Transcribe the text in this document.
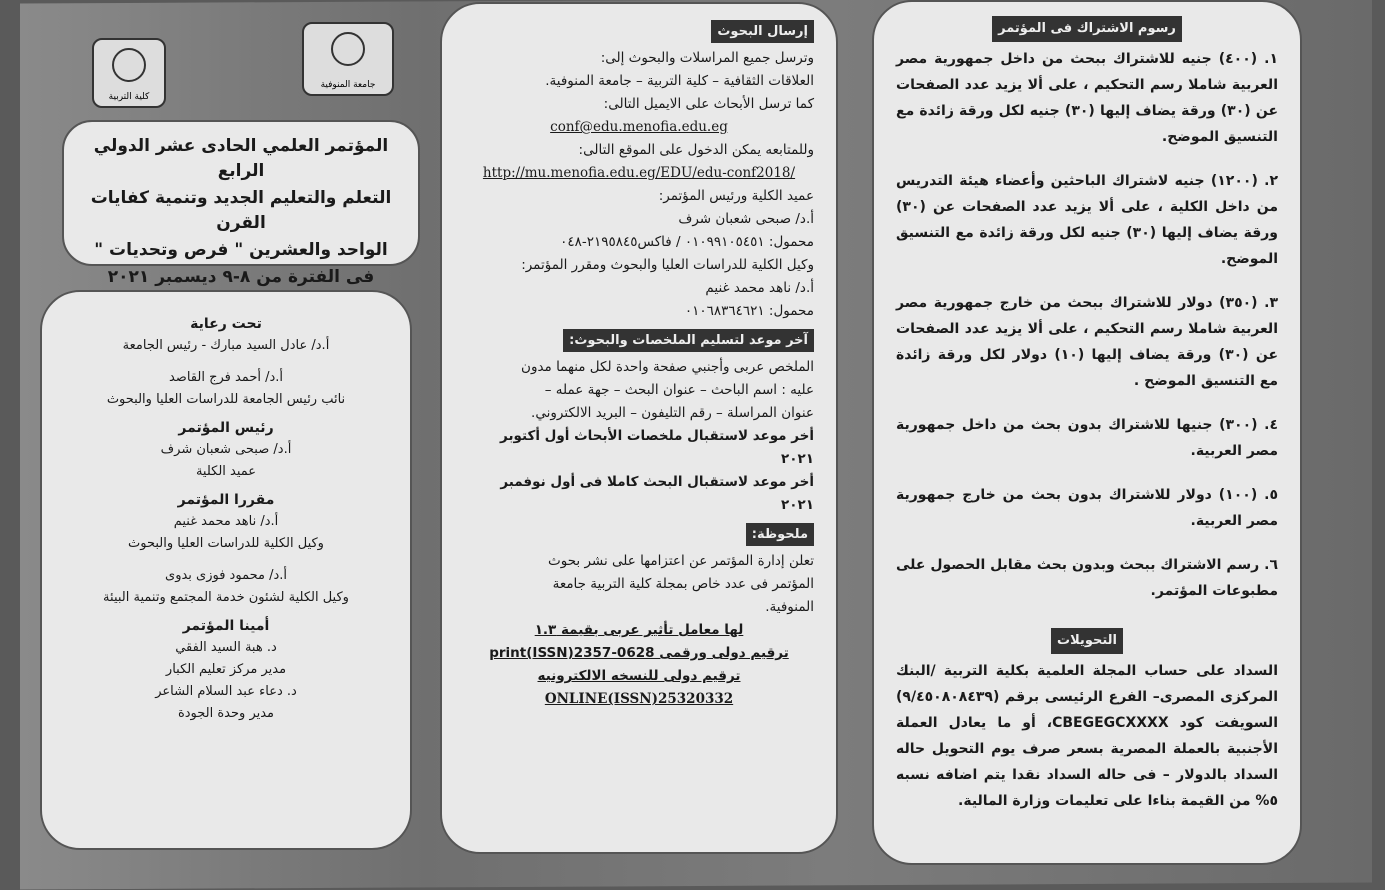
كلية التربية
جامعة المنوفية

المؤتمر العلمي الحادى عشر الدولي الرابع

التعلم والتعليم الجديد وتنمية كفايات القرن

الواحد والعشرين " فرص وتحديات "

فى الفترة من ٨-٩ ديسمبر ٢٠٢١

تحت رعاية
أ.د/ عادل السيد مبارك - رئيس الجامعة
أ.د/ أحمد فرج القاصد
نائب رئيس الجامعة للدراسات العليا والبحوث
رئيس المؤتمر
أ.د/ صبحى شعبان شرف
عميد الكلية
مقررا المؤتمر
أ.د/ ناهد محمد غنيم
وكيل الكلية للدراسات العليا والبحوث
أ.د/ محمود فوزى بدوى
وكيل الكلية لشئون خدمة المجتمع وتنمية البيئة
أمينا المؤتمر
د. هبة السيد الفقي
مدير مركز تعليم الكبار
د. دعاء عبد السلام الشاعر
مدير وحدة الجودة

إرسال البحوث

وترسل جميع المراسلات والبحوث إلى:

العلاقات الثقافية – كلية التربية – جامعة المنوفية.

كما ترسل الأبحاث على الايميل التالى:

conf@edu.menofia.edu.eg

وللمتابعه يمكن الدخول على الموقع التالى:

http://mu.menofia.edu.eg/EDU/edu-conf2018/

عميد الكلية ورئيس المؤتمر:

أ.د/ صبحى شعبان شرف

محمول: ٠١٠٩٩١٠٥٤٥١ / فاكس٢١٩٥٨٤٥-٠٤٨

وكيل الكلية للدراسات العليا والبحوث ومقرر المؤتمر:

أ.د/ ناهد محمد غنيم

محمول: ٠١٠٦٨٣٦٤٦٢١

آخر موعد لتسليم الملخصات والبحوث:

الملخص عربى وأجنبي صفحة واحدة لكل منهما مدون

عليه : اسم الباحث – عنوان البحث – جهة عمله –

عنوان المراسلة – رقم التليفون – البريد الالكتروني.

أخر موعد لاستقبال ملخصات الأبحاث أول أكتوبر ٢٠٢١

أخر موعد لاستقبال البحث كاملا فى أول نوفمبر ٢٠٢١

ملحوظة:

تعلن إدارة المؤتمر عن اعتزامها على نشر بحوث

المؤتمر فى عدد خاص بمجلة كلية التربية جامعة

المنوفية.

لها معامل تأثير عربى بقيمة ١.٣

ترقيم دولى ورقمى print(ISSN)2357-0628

ترقيم دولى للنسخه الالكترونيه

ONLINE(ISSN)25320332

رسوم الاشتراك فى المؤتمر

١. (٤٠٠) جنيه للاشتراك ببحث من داخل جمهورية مصر العربية شاملا رسم التحكيم ، على ألا يزيد عدد الصفحات عن (٣٠) ورقة يضاف إليها (٣٠) جنيه لكل ورقة زائدة مع التنسيق الموضح.

٢. (١٢٠٠) جنيه لاشتراك الباحثين وأعضاء هيئة التدريس من داخل الكلية ، على ألا يزيد عدد الصفحات عن (٣٠) ورقة يضاف إليها (٣٠) جنيه لكل ورقة زائدة مع التنسيق الموضح.

٣. (٣٥٠) دولار للاشتراك ببحث من خارج جمهورية مصر العربية شاملا رسم التحكيم ، على ألا يزيد عدد الصفحات عن (٣٠) ورقة يضاف إليها (١٠) دولار لكل ورقة زائدة مع التنسيق الموضح .

٤. (٣٠٠) جنيها للاشتراك بدون بحث من داخل جمهورية مصر العربية.

٥. (١٠٠) دولار للاشتراك بدون بحث من خارج جمهورية مصر العربية.

٦. رسم الاشتراك ببحث وبدون بحث مقابل الحصول على مطبوعات المؤتمر.

التحويلات

السداد على حساب المجلة العلمية بكلية التربية /البنك المركزى المصرى– الفرع الرئيسى برقم (٩/٤٥٠٨٠٨٤٣٩) السويفت كود CBEGEGCXXXX، أو ما يعادل العملة الأجنبية بالعملة المصرية بسعر صرف يوم التحويل حاله السداد بالدولار – فى حاله السداد نقدا يتم اضافه نسبه ٥% من القيمة بناءا على تعليمات وزارة المالية.
